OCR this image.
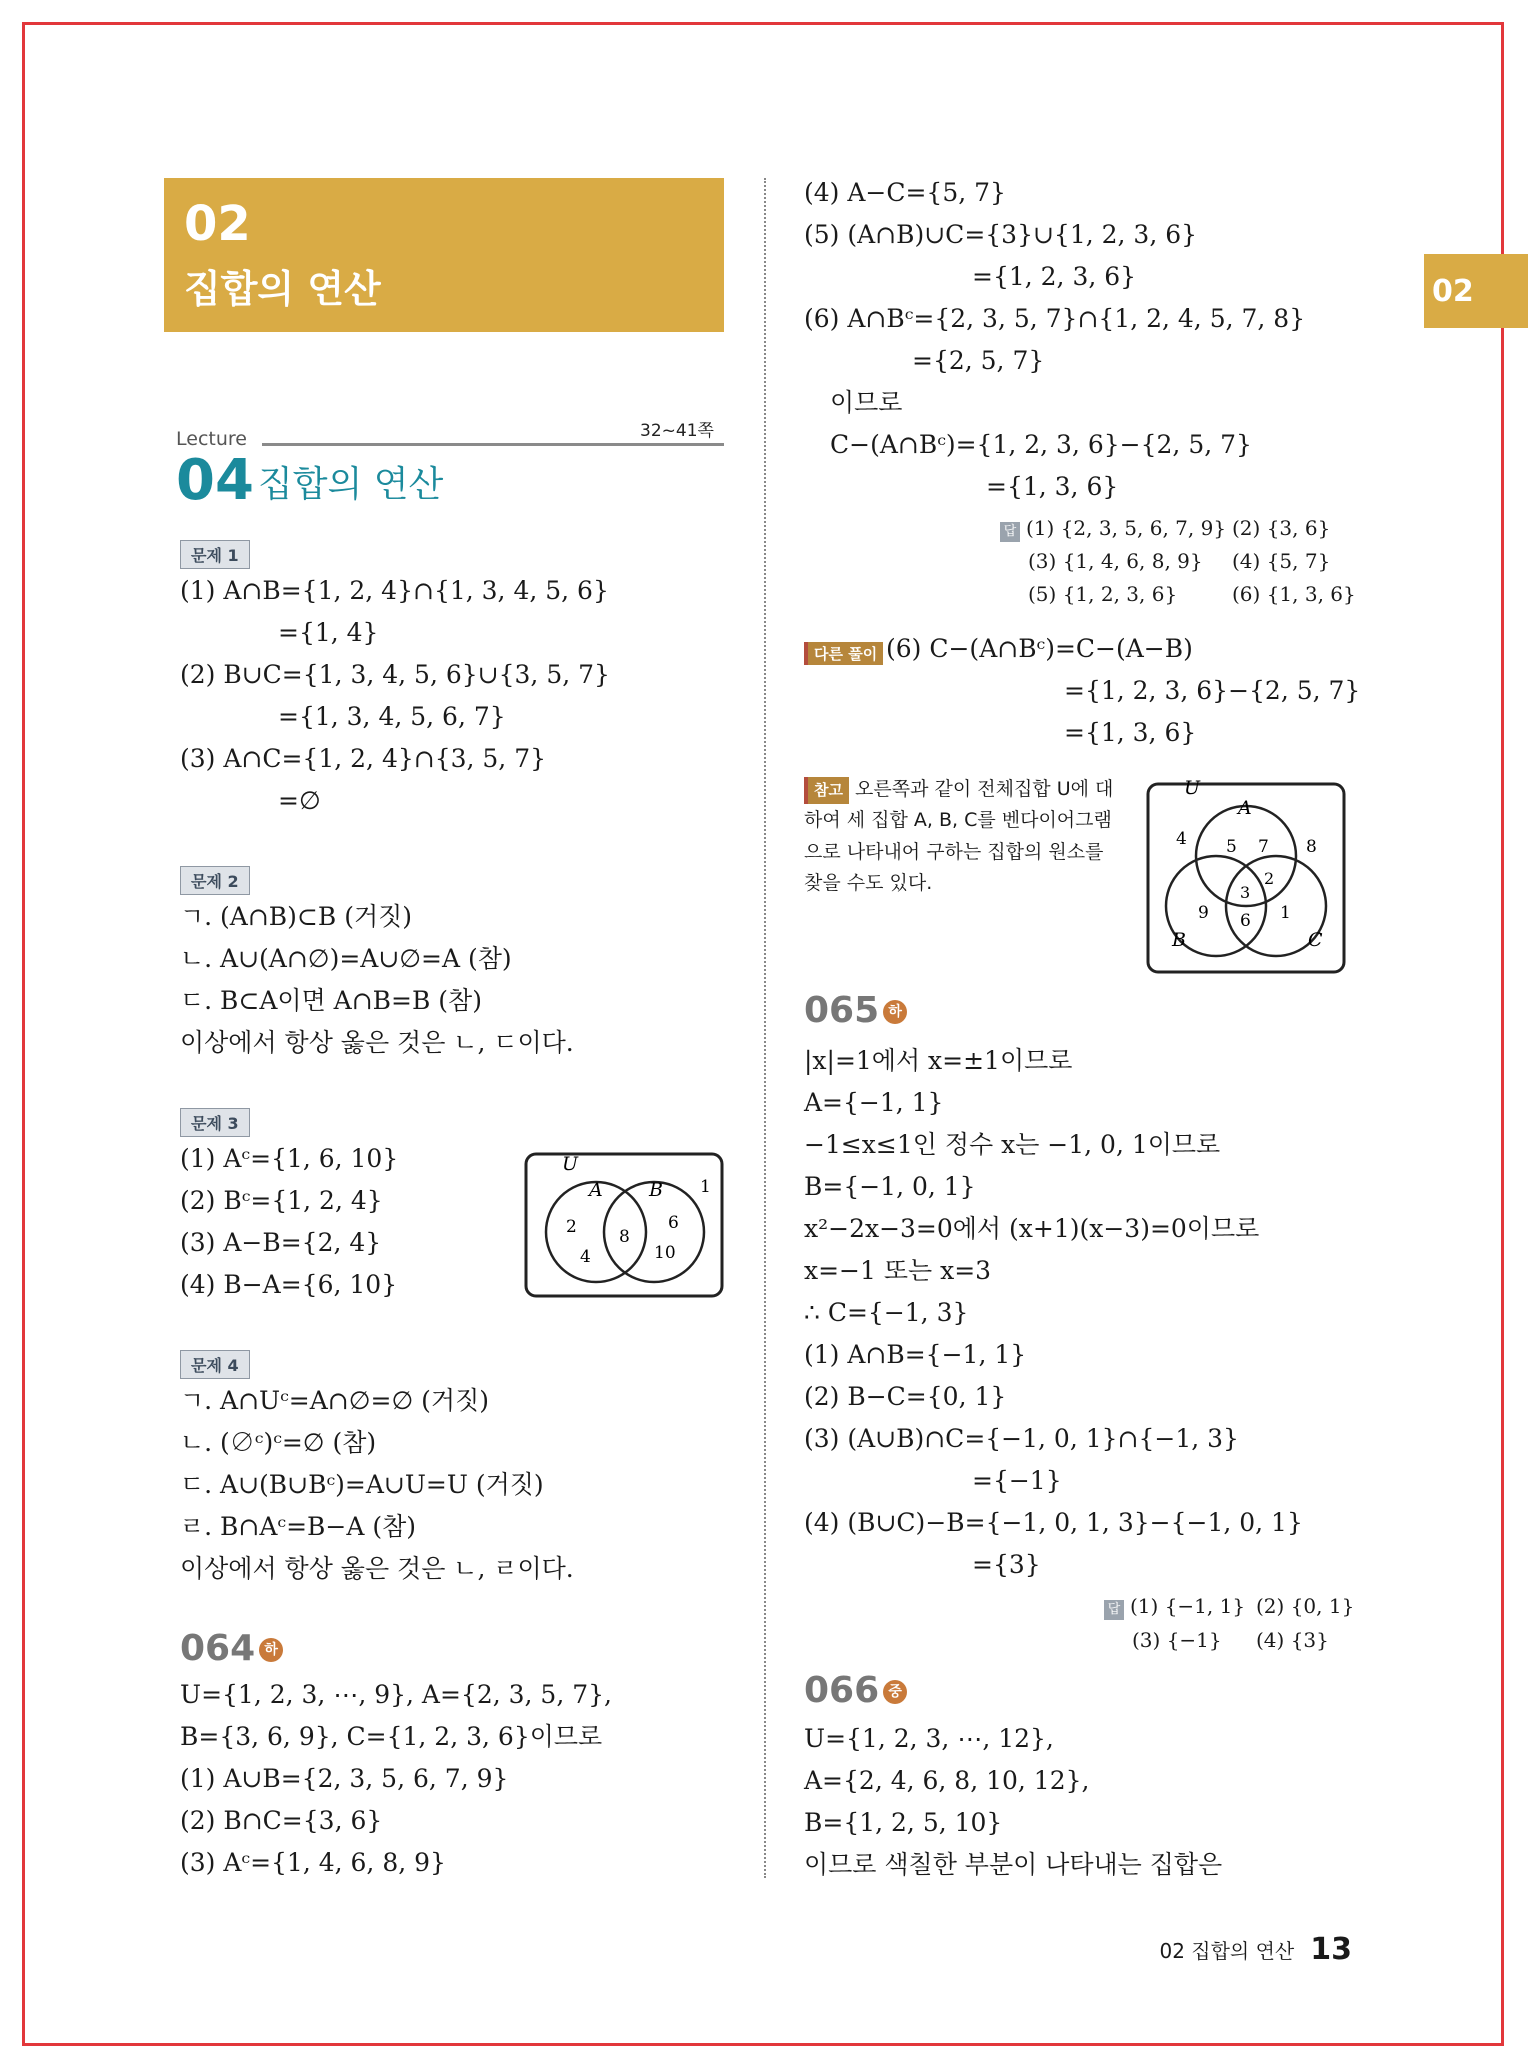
02
02
집합의 연산
Lecture	32~41쪽
04 집합의 연산
문제 1
(1) A∩B={1, 2, 4}∩{1, 3, 4, 5, 6}
={1, 4}
(2) B∪C={1, 3, 4, 5, 6}∪{3, 5, 7}
={1, 3, 4, 5, 6, 7}
(3) A∩C={1, 2, 4}∩{3, 5, 7}
=∅
문제 2
ㄱ. (A∩B)⊂B (거짓)
ㄴ. A∪(A∩∅)=A∪∅=A (참)
ㄷ. B⊂A이면 A∩B=B (참)
이상에서 항상 옳은 것은 ㄴ, ㄷ이다.
문제 3
(1) Aᶜ={1, 6, 10}
(2) Bᶜ={1, 2, 4}
(3) A−B={2, 4}
(4) B−A={6, 10}
U
A B 1
2
4
8
6
10
문제 4
ㄱ. A∩Uᶜ=A∩∅=∅ (거짓)
ㄴ. (∅ᶜ)ᶜ=∅ (참)
ㄷ. A∪(B∪Bᶜ)=A∪U=U (거짓)
ㄹ. B∩Aᶜ=B−A (참)
이상에서 항상 옳은 것은 ㄴ, ㄹ이다.
064 하
U={1, 2, 3, ⋯, 9}, A={2, 3, 5, 7},
B={3, 6, 9}, C={1, 2, 3, 6}이므로
(1) A∪B={2, 3, 5, 6, 7, 9}
(2) B∩C={3, 6}
(3) Aᶜ={1, 4, 6, 8, 9}
(4) A−C={5, 7}
(5) (A∩B)∪C={3}∪{1, 2, 3, 6}
={1, 2, 3, 6}
(6) A∩Bᶜ={2, 3, 5, 7}∩{1, 2, 4, 5, 7, 8}
={2, 5, 7}
이므로
C−(A∩Bᶜ)={1, 2, 3, 6}−{2, 5, 7}
={1, 3, 6}
답 (1) {2, 3, 5, 6, 7, 9} (2) {3, 6}
(3) {1, 4, 6, 8, 9} (4) {5, 7}
(5) {1, 2, 3, 6}	(6) {1, 3, 6}
다른 풀이 (6) C−(A∩Bᶜ)=C−(A−B)
={1, 2, 3, 6}−{2, 5, 7}
={1, 3, 6}
참고 오른쪽과 같이 전체집합 U에 대하여 세 집합 A, B, C를 벤다이어그램으로 나타내어 구하는 집합의 원소를 찾을 수도 있다.
U
A
B	C
4 5 7 8
3
2
9 6 1
065 하
|x|=1에서 x=±1이므로
A={−1, 1}
−1≤x≤1인 정수 x는 −1, 0, 1이므로
B={−1, 0, 1}
x²−2x−3=0에서 (x+1)(x−3)=0이므로
x=−1 또는 x=3
∴ C={−1, 3}
(1) A∩B={−1, 1}
(2) B−C={0, 1}
(3) (A∪B)∩C={−1, 0, 1}∩{−1, 3}
={−1}
(4) (B∪C)−B={−1, 0, 1, 3}−{−1, 0, 1}
={3}
답 (1) {−1, 1} (2) {0, 1}
(3) {−1} (4) {3}
066 중
U={1, 2, 3, ⋯, 12},
A={2, 4, 6, 8, 10, 12},
B={1, 2, 5, 10}
이므로 색칠한 부분이 나타내는 집합은
02 집합의 연산 13
